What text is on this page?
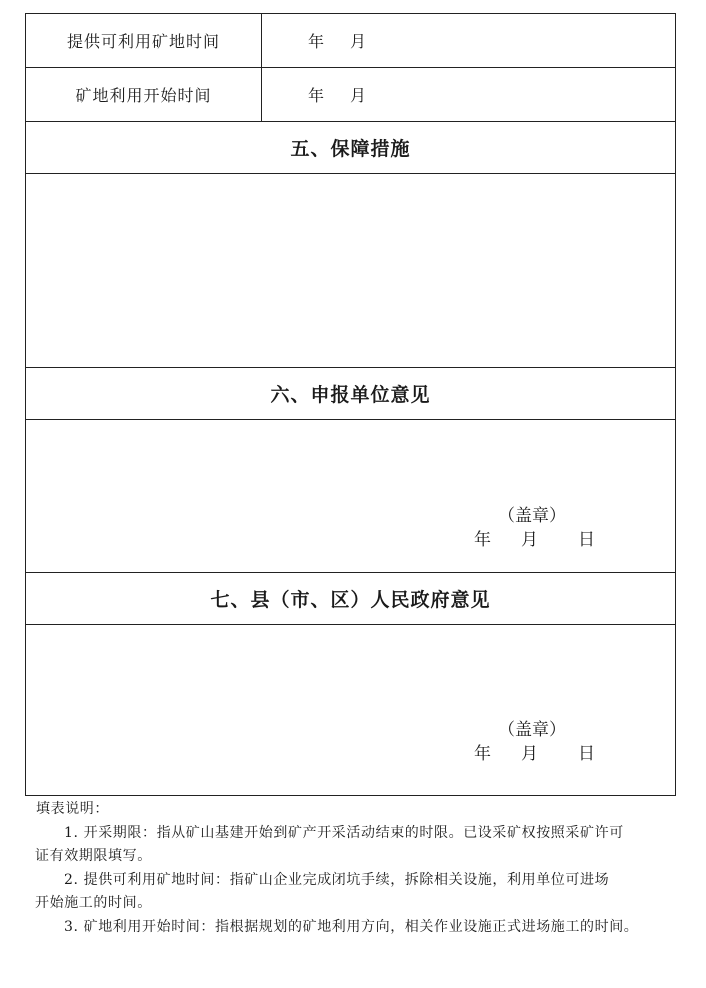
提供可利用矿地时间	年 月
矿地利用开始时间	年 月
五、保障措施
六、申报单位意见
（盖章）
年 月 日
七、县（市、区）人民政府意见
（盖章）
年 月 日

填表说明：

1. 开采期限：指从矿山基建开始到矿产开采活动结束的时限。已设采矿权按照采矿许可

证有效期限填写。

2. 提供可利用矿地时间：指矿山企业完成闭坑手续，拆除相关设施，利用单位可进场

开始施工的时间。

3. 矿地利用开始时间：指根据规划的矿地利用方向，相关作业设施正式进场施工的时间。
